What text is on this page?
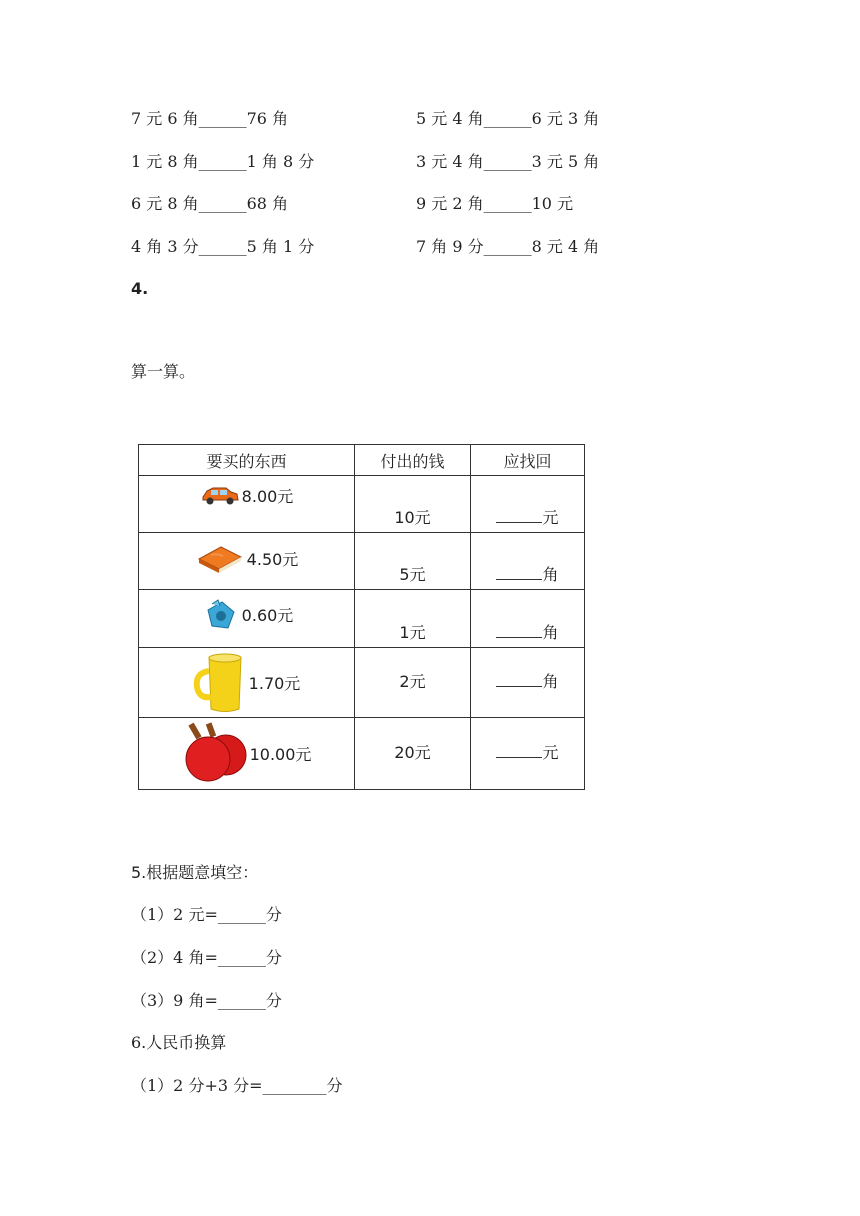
7 元 6 角______76 角	5 元 4 角______6 元 3 角
1 元 8 角______1 角 8 分	3 元 4 角______3 元 5 角
6 元 8 角______68 角	9 元 2 角______10 元
4 角 3 分______5 角 1 分	7 角 9 分______8 元 4 角
4.
算一算。
要买的东西	付出的钱	应找回

8.00元	10元	元

4.50元	5元	角

0.60元	1元	角

1.70元	2元	角

10.00元	20元	元
5.根据题意填空：
（1）2 元=______分
（2）4 角=______分
（3）9 角=______分
6.人民币换算
（1）2 分+3 分=________分
